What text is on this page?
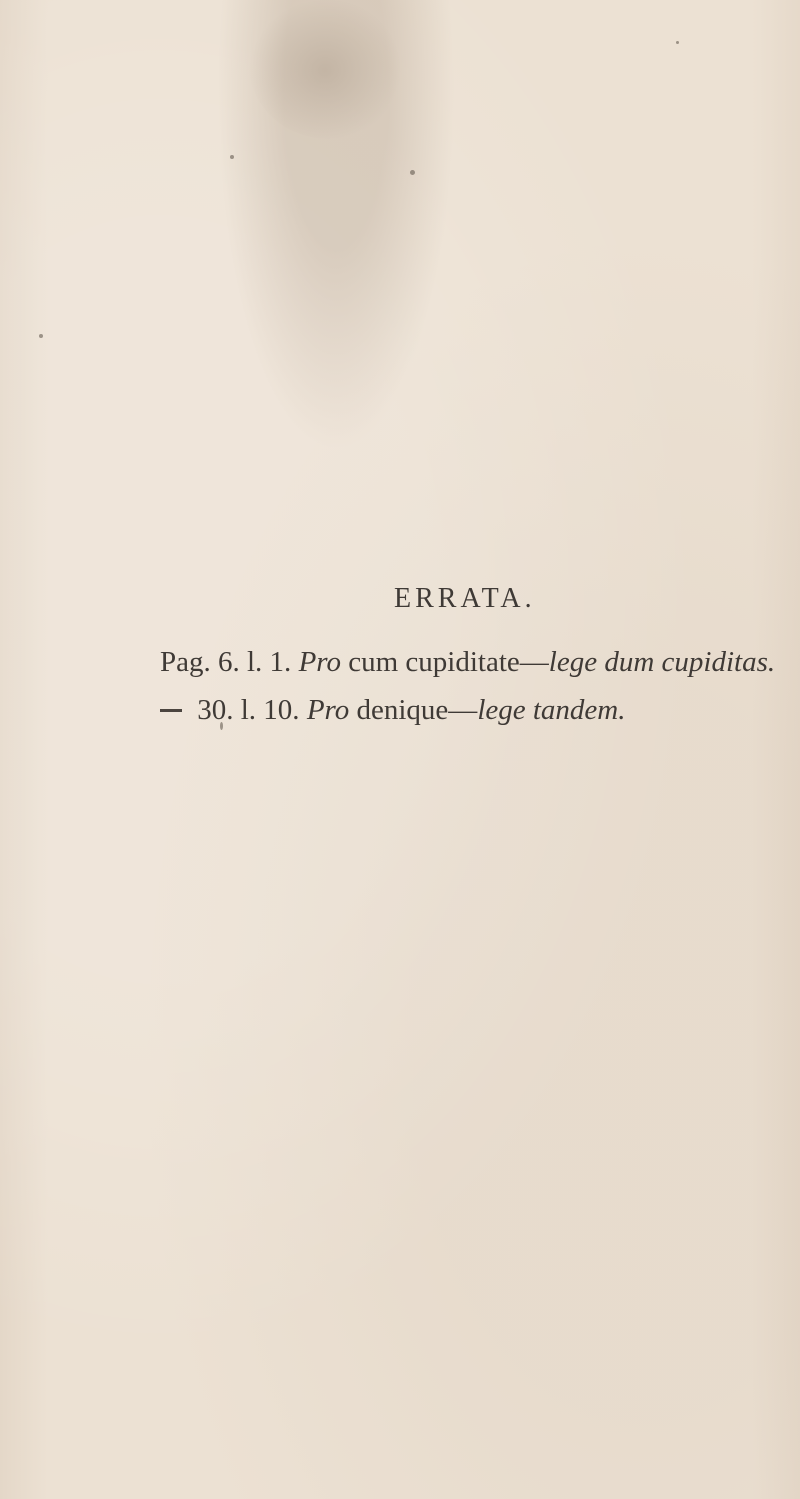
ERRATA.
Pag. 6. l. 1. Pro cum cupiditate—lege dum cupiditas.
30. l. 10. Pro denique—lege tandem.
